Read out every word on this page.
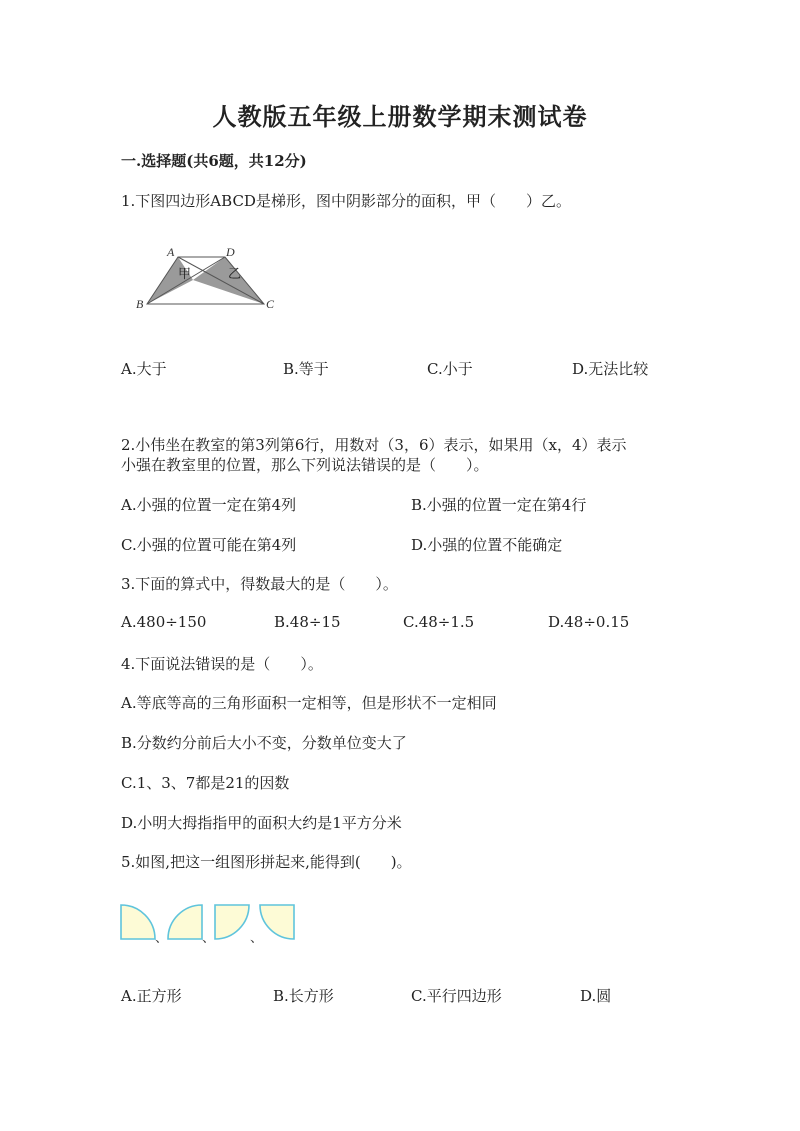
人教版五年级上册数学期末测试卷
一.选择题(共6题，共12分)
1.下图四边形ABCD是梯形，图中阴影部分的面积，甲（　　）乙。
A	D
B	C
甲	乙
A.大于	B.等于	C.小于	D.无法比较
2.小伟坐在教室的第3列第6行，用数对（3，6）表示，如果用（x，4）表示
小强在教室里的位置，那么下列说法错误的是（　　）。
A.小强的位置一定在第4列	B.小强的位置一定在第4行
C.小强的位置可能在第4列	D.小强的位置不能确定
3.下面的算式中，得数最大的是（　　）。
A.480÷150	B.48÷15	C.48÷1.5	D.48÷0.15
4.下面说法错误的是（　　）。
A.等底等高的三角形面积一定相等，但是形状不一定相同
B.分数约分前后大小不变，分数单位变大了
C.1、3、7都是21的因数
D.小明大拇指指甲的面积大约是1平方分米
5.如图,把这一组图形拼起来,能得到(　　)。
、	、	、
A.正方形	B.长方形	C.平行四边形	D.圆
